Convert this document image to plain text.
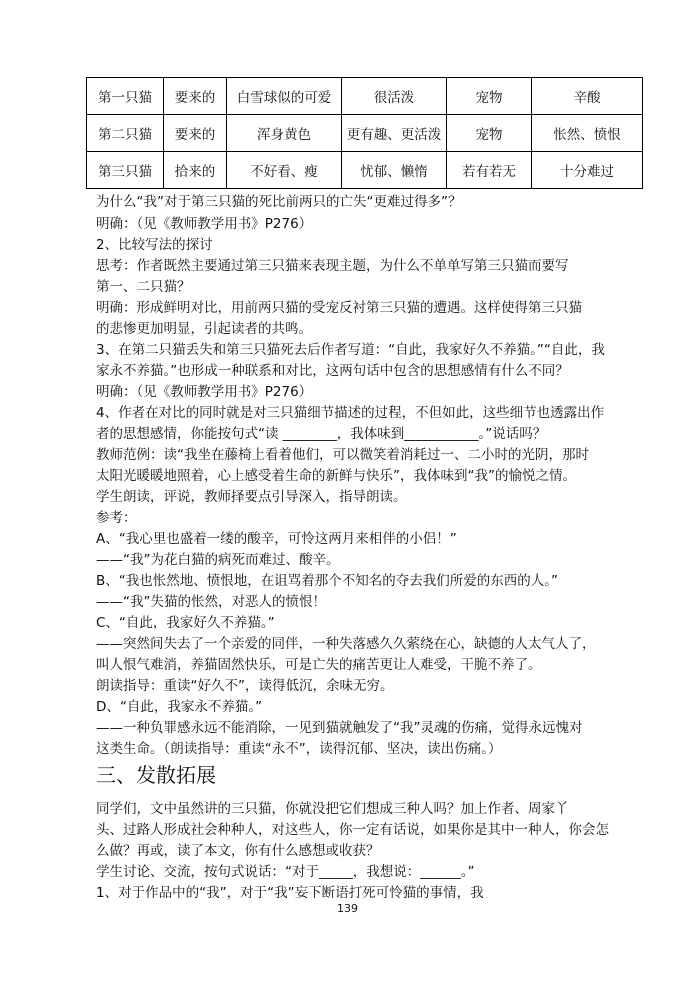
第一只猫	要来的	白雪球似的可爱	很活泼	宠物	辛酸
第二只猫	要来的	浑身黄色	更有趣、更活泼	宠物	怅然、愤恨
第三只猫	拾来的	不好看、瘦	忧郁、懒惰	若有若无	十分难过
为什么“我”对于第三只猫的死比前两只的亡失“更难过得多”？
明确：（见《教师教学用书》P276）
2、比较写法的探讨
思考：作者既然主要通过第三只猫来表现主题，为什么不单单写第三只猫而要写
第一、二只猫？
明确：形成鲜明对比，用前两只猫的受宠反衬第三只猫的遭遇。这样使得第三只猫
的悲惨更加明显，引起读者的共鸣。
3、在第二只猫丢失和第三只猫死去后作者写道：“自此，我家好久不养猫。”“自此，我
家永不养猫。”也形成一种联系和对比，这两句话中包含的思想感情有什么不同？
明确：（见《教师教学用书》P276）
4、作者在对比的同时就是对三只猫细节描述的过程，不但如此，这些细节也透露出作
者的思想感情，你能按句式“读 ________，我体味到___________。”说话吗？
教师范例：读“我坐在藤椅上看着他们，可以微笑着消耗过一、二小时的光阴，那时
太阳光暖暖地照着，心上感受着生命的新鲜与快乐”，我体味到“我”的愉悦之情。
学生朗读，评说，教师择要点引导深入，指导朗读。
参考：
A、“我心里也盛着一缕的酸辛，可怜这两月来相伴的小侣！”
——“我”为花白猫的病死而难过、酸辛。
B、“我也怅然地、愤恨地，在诅骂着那个不知名的夺去我们所爱的东西的人。”
——“我”失猫的怅然，对恶人的愤恨！
C、“自此，我家好久不养猫。”
——突然间失去了一个亲爱的同伴，一种失落感久久萦绕在心，缺德的人太气人了，
叫人恨气难消，养猫固然快乐，可是亡失的痛苦更让人难受，干脆不养了。
朗读指导：重读“好久不”，读得低沉，余味无穷。
D、“自此，我家永不养猫。”
——一种负罪感永远不能消除，一见到猫就触发了“我”灵魂的伤痛，觉得永远愧对
这类生命。（朗读指导：重读“永不”，读得沉郁、坚决，读出伤痛。）
三、发散拓展
同学们，文中虽然讲的三只猫，你就没把它们想成三种人吗？加上作者、周家丫
头、过路人形成社会种种人，对这些人，你一定有话说，如果你是其中一种人，你会怎
么做？再或，读了本文，你有什么感想或收获？
学生讨论、交流，按句式说话：“对于_____，我想说：______。”
1、对于作品中的“我”，对于“我”妄下断语打死可怜猫的事情，我
139
